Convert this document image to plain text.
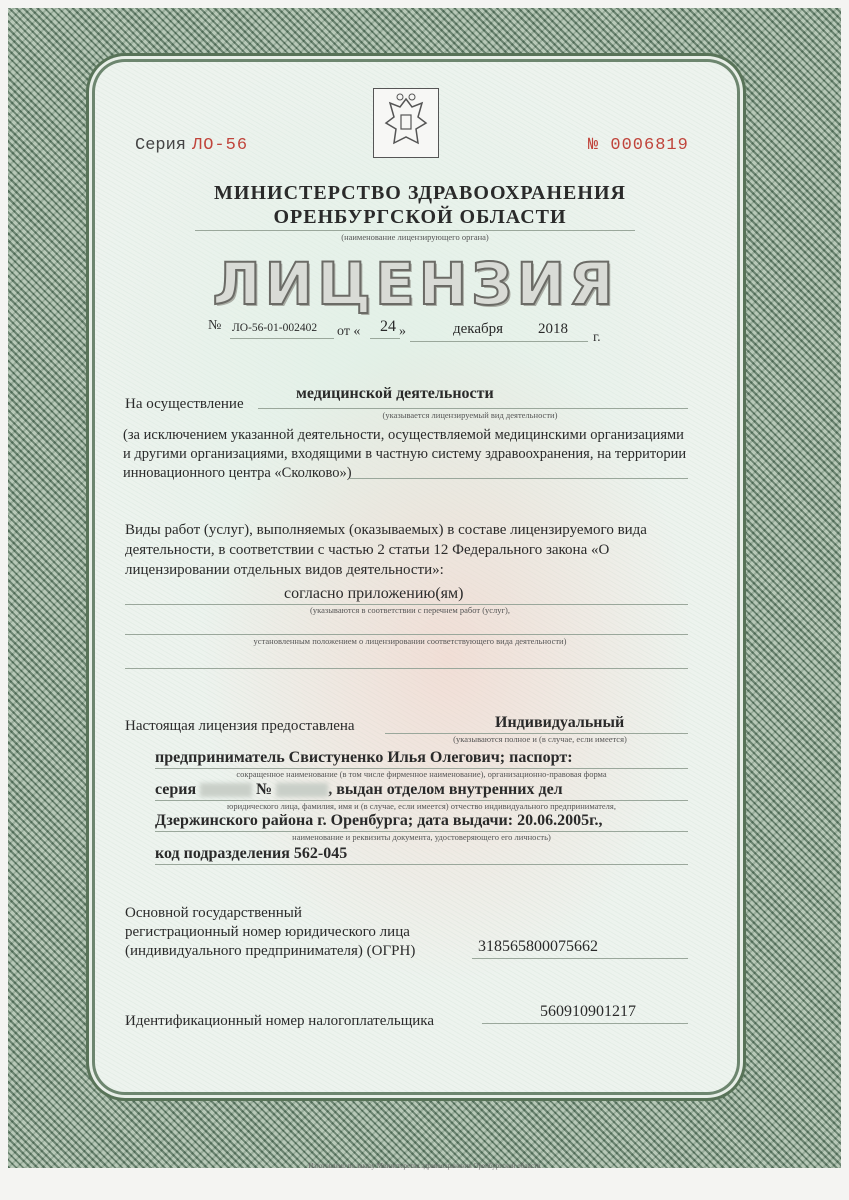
Серия ЛО-56	№ 0006819
МИНИСТЕРСТВО ЗДРАВООХРАНЕНИЯ
ОРЕНБУРГСКОЙ ОБЛАСТИ
(наименование лицензирующего органа)
ЛИЦЕНЗИЯ
№ ЛО-56-01-002402	от « 24 »	декабря 2018
г.
На осуществление
медицинской деятельности
(указывается лицензируемый вид деятельности)
(за исключением указанной деятельности, осуществляемой медицинскими организациями и другими организациями, входящими в частную систему здравоохранения, на территории инновационного центра «Сколково»)
Виды работ (услуг), выполняемых (оказываемых) в составе лицензируемого вида деятельности, в соответствии с частью 2 статьи 12 Федерального закона «О лицензировании отдельных видов деятельности»:
согласно приложению(ям)
(указываются в соответствии с перечнем работ (услуг),
установленным положением о лицензировании соответствующего вида деятельности)
Настоящая лицензия предоставлена	Индивидуальный
(указываются полное и (в случае, если имеется)
предприниматель Свистуненко Илья Олегович; паспорт:
сокращенное наименование (в том числе фирменное наименование), организационно-правовая форма
серия	№	, выдан отделом внутренних дел
юридического лица, фамилия, имя и (в случае, если имеется) отчество индивидуального предпринимателя,
Дзержинского района г. Оренбурга; дата выдачи: 20.06.2005г.,
наименование и реквизиты документа, удостоверяющего его личность)
код подразделения 562-045
Основной государственный
регистрационный номер юридического лица
(индивидуального предпринимателя) (ОГРН)	318565800075662
Идентификационный номер налогоплательщика
560910901217
Изготовлено по заказу Министерства здравоохранения Оренбургской области
